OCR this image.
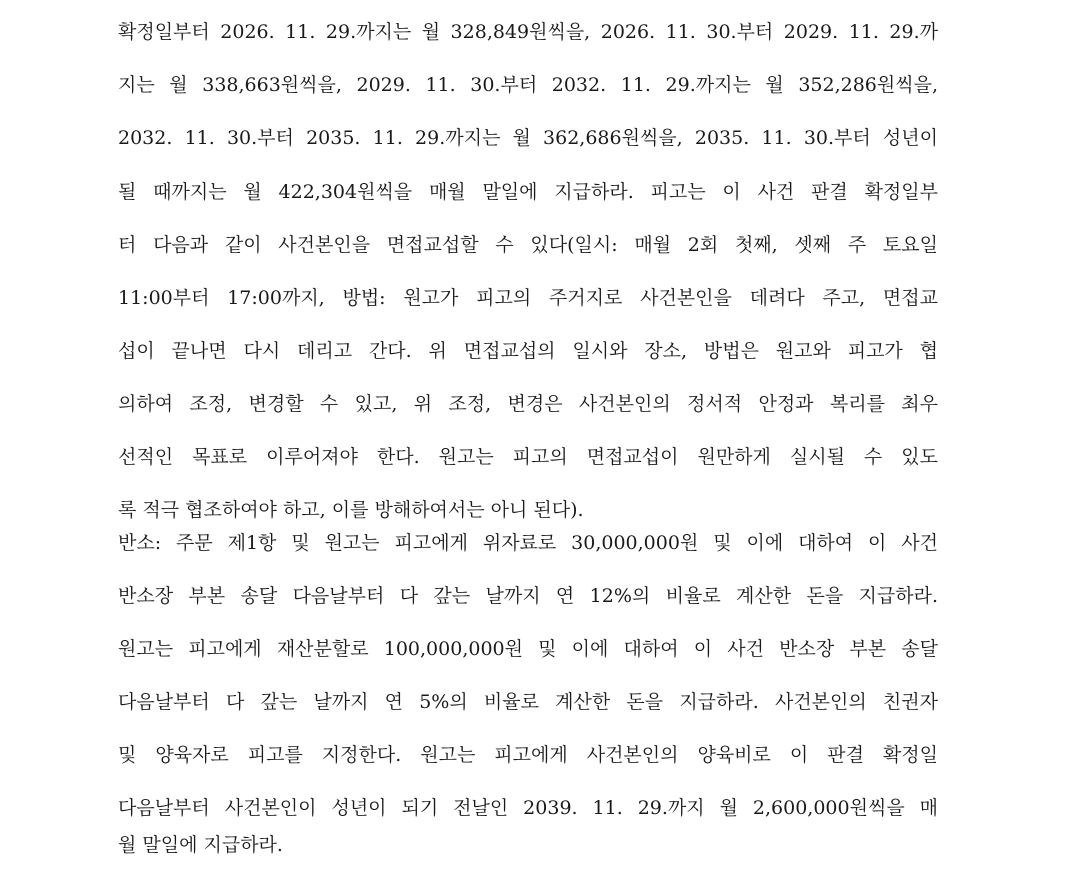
확정일부터 2026. 11. 29.까지는 월 328,849원씩을, 2026. 11. 30.부터 2029. 11. 29.까
지는 월 338,663원씩을, 2029. 11. 30.부터 2032. 11. 29.까지는 월 352,286원씩을,
2032. 11. 30.부터 2035. 11. 29.까지는 월 362,686원씩을, 2035. 11. 30.부터 성년이
될 때까지는 월 422,304원씩을 매월 말일에 지급하라. 피고는 이 사건 판결 확정일부
터 다음과 같이 사건본인을 면접교섭할 수 있다(일시: 매월 2회 첫째, 셋째 주 토요일
11:00부터 17:00까지, 방법: 원고가 피고의 주거지로 사건본인을 데려다 주고, 면접교
섭이 끝나면 다시 데리고 간다. 위 면접교섭의 일시와 장소, 방법은 원고와 피고가 협
의하여 조정, 변경할 수 있고, 위 조정, 변경은 사건본인의 정서적 안정과 복리를 최우
선적인 목표로 이루어져야 한다. 원고는 피고의 면접교섭이 원만하게 실시될 수 있도
록 적극 협조하여야 하고, 이를 방해하여서는 아니 된다).
반소: 주문 제1항 및 원고는 피고에게 위자료로 30,000,000원 및 이에 대하여 이 사건
반소장 부본 송달 다음날부터 다 갚는 날까지 연 12%의 비율로 계산한 돈을 지급하라.
원고는 피고에게 재산분할로 100,000,000원 및 이에 대하여 이 사건 반소장 부본 송달
다음날부터 다 갚는 날까지 연 5%의 비율로 계산한 돈을 지급하라. 사건본인의 친권자
및 양육자로 피고를 지정한다. 원고는 피고에게 사건본인의 양육비로 이 판결 확정일
다음날부터 사건본인이 성년이 되기 전날인 2039. 11. 29.까지 월 2,600,000원씩을 매
월 말일에 지급하라.
